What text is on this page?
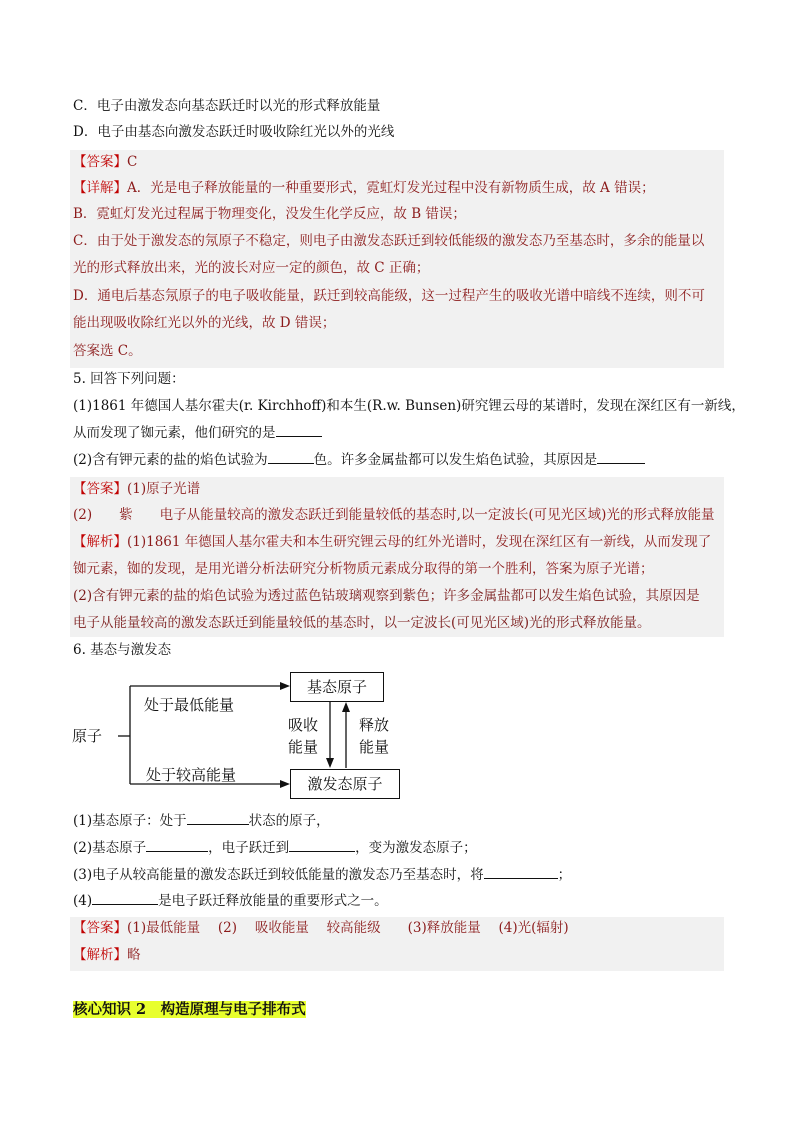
C．电子由激发态向基态跃迁时以光的形式释放能量
D．电子由基态向激发态跃迁时吸收除红光以外的光线
【答案】C
【详解】A．光是电子释放能量的一种重要形式，霓虹灯发光过程中没有新物质生成，故 A 错误；
B．霓虹灯发光过程属于物理变化，没发生化学反应，故 B 错误；
C．由于处于激发态的氖原子不稳定，则电子由激发态跃迁到较低能级的激发态乃至基态时，多余的能量以
光的形式释放出来，光的波长对应一定的颜色，故 C 正确；
D．通电后基态氖原子的电子吸收能量，跃迁到较高能级，这一过程产生的吸收光谱中暗线不连续，则不可
能出现吸收除红光以外的光线，故 D 错误；
答案选 C。
5. 回答下列问题：
(1)1861 年德国人基尔霍夫(r. Kirchhoff)和本生(R.w. Bunsen)研究锂云母的某谱时，发现在深红区有一新线，
从而发现了铷元素，他们研究的是
(2)含有钾元素的盐的焰色试验为	色。许多金属盐都可以发生焰色试验，其原因是
【答案】(1)原子光谱
(2)　　紫　　电子从能量较高的激发态跃迁到能量较低的基态时,以一定波长(可见光区域)光的形式释放能量
【解析】(1)1861 年德国人基尔霍夫和本生研究锂云母的红外光谱时，发现在深红区有一新线，从而发现了
铷元素，铷的发现，是用光谱分析法研究分析物质元素成分取得的第一个胜利，答案为原子光谱；
(2)含有钾元素的盐的焰色试验为透过蓝色钴玻璃观察到紫色；许多金属盐都可以发生焰色试验，其原因是
电子从能量较高的激发态跃迁到能量较低的基态时，以一定波长(可见光区域)光的形式释放能量。
6. 基态与激发态
原子
基态原子
激发态原子
处于最低能量
处于较高能量
吸收
能量
释放
能量
(1)基态原子：处于	状态的原子，
(2)基态原子	，电子跃迁到	，变为激发态原子；
(3)电子从较高能量的激发态跃迁到较低能量的激发态乃至基态时，将	；
(4)	是电子跃迁释放能量的重要形式之一。
【答案】(1)最低能量　 (2)　 吸收能量　 较高能级　　(3)释放能量　 (4)光(辐射)
【解析】略
核心知识 2　构造原理与电子排布式
